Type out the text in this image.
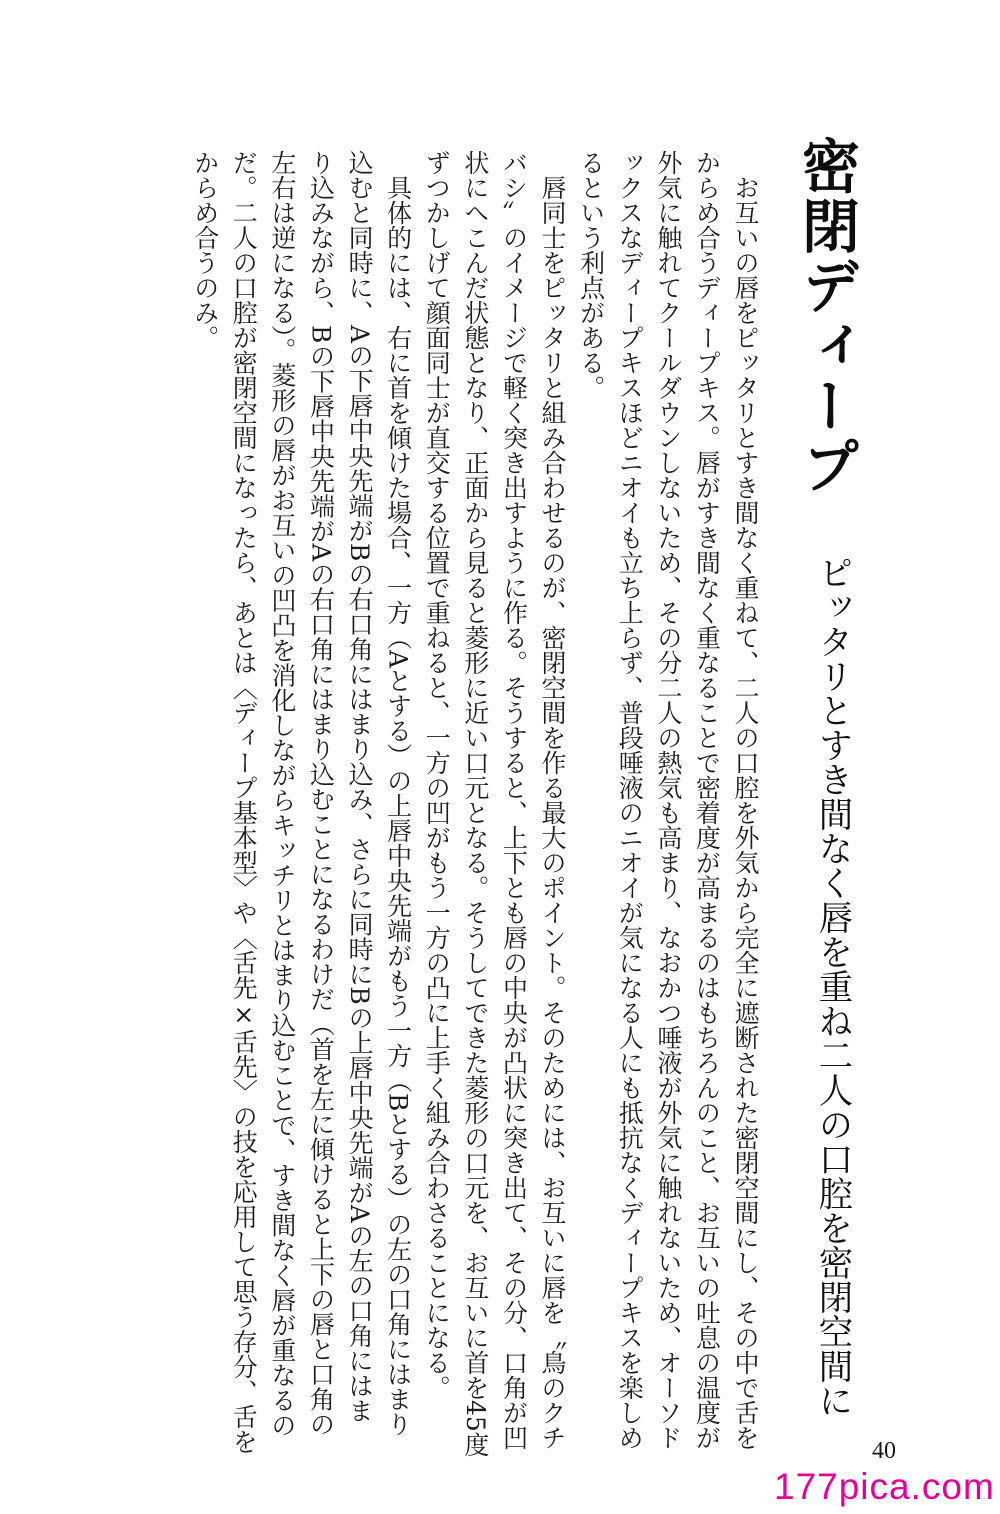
密閉ディープ
ピッタリとすき間なく唇を重ね二人の口腔を密閉空間に
　お互いの唇をピッタリとすき間なく重ねて、二人の口腔を外気から完全に遮断された密閉空間にし、その中で舌を
からめ合うディープキス。唇がすき間なく重なることで密着度が高まるのはもちろんのこと、お互いの吐息の温度が
外気に触れてクールダウンしないため、その分二人の熱気も高まり、なおかつ唾液が外気に触れないため、オーソド
ックスなディープキスほどニオイも立ち上らず、普段唾液のニオイが気になる人にも抵抗なくディープキスを楽しめ
るという利点がある。
　唇同士をピッタリと組み合わせるのが、密閉空間を作る最大のポイント。そのためには、お互いに唇を〝鳥のクチ
バシ〟のイメージで軽く突き出すように作る。そうすると、上下とも唇の中央が凸状に突き出て、その分、口角が凹
状にへこんだ状態となり、正面から見ると菱形に近い口元となる。そうしてできた菱形の口元を、お互いに首を45度
ずつかしげて顔面同士が直交する位置で重ねると、一方の凹がもう一方の凸に上手く組み合わさることになる。
　具体的には、右に首を傾けた場合、一方（Aとする）の上唇中央先端がもう一方（Bとする）の左の口角にはまり
込むと同時に、Aの下唇中央先端がBの右口角にはまり込み、さらに同時にBの上唇中央先端がAの左の口角にはま
り込みながら、Bの下唇中央先端がAの右口角にはまり込むことになるわけだ（首を左に傾けると上下の唇と口角の
左右は逆になる）。菱形の唇がお互いの凹凸を消化しながらキッチリとはまり込むことで、すき間なく唇が重なるの
だ。二人の口腔が密閉空間になったら、あとは〈ディープ基本型〉や〈舌先×舌先〉の技を応用して思う存分、舌を
からめ合うのみ。
40
177pica.com
